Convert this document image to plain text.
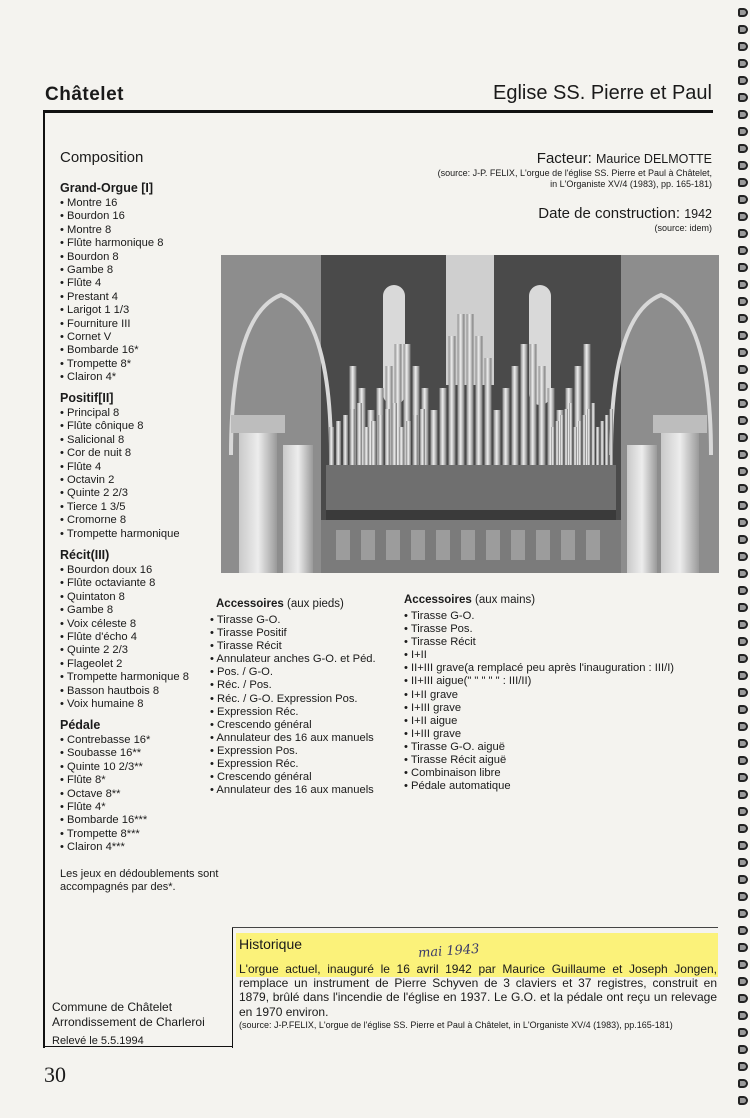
Châtelet	Eglise SS. Pierre et Paul
Composition
Grand-Orgue [I]
• Montre 16
• Bourdon 16
• Montre 8
• Flûte harmonique 8
• Bourdon 8
• Gambe 8
• Flûte 4
• Prestant 4
• Larigot 1 1/3
• Fourniture III
• Cornet V
• Bombarde 16*
• Trompette 8*
• Clairon 4*
Positif[II]
• Principal 8
• Flûte cônique 8
• Salicional 8
• Cor de nuit 8
• Flûte 4
• Octavin 2
• Quinte 2 2/3
• Tierce 1 3/5
• Cromorne 8
• Trompette harmonique
Récit(III)
• Bourdon doux 16
• Flûte octaviante 8
• Quintaton 8
• Gambe 8
• Voix céleste 8
• Flûte d'écho 4
• Quinte 2 2/3
• Flageolet 2
• Trompette harmonique 8
• Basson hautbois 8
• Voix humaine 8
Pédale
• Contrebasse 16*
• Soubasse 16**
• Quinte 10 2/3**
• Flûte 8*
• Octave 8**
• Flûte 4*
• Bombarde 16***
• Trompette 8***
• Clairon 4***
Les jeux en dédoublements sont accompagnés par des*.
Facteur: Maurice DELMOTTE
(source: J-P. FELIX, L'orgue de l'église SS. Pierre et Paul à Châtelet,
in L'Organiste XV/4 (1983), pp. 165-181)
Date de construction: 1942
(source: idem)
Accessoires (aux pieds)
• Tirasse G-O.
• Tirasse Positif
• Tirasse Récit
• Annulateur anches G-O. et Péd.
• Pos. / G-O.
• Réc. / Pos.
• Réc. / G-O. Expression Pos.
• Expression Réc.
• Crescendo général
• Annulateur des 16 aux manuels
• Expression Pos.
• Expression Réc.
• Crescendo général
• Annulateur des 16 aux manuels
Accessoires (aux mains)
• Tirasse G-O.
• Tirasse Pos.
• Tirasse Récit
• I+II
• II+III grave(a remplacé peu après l'inauguration : III/I)
• II+III aigue(" " " " " : III/II)
• I+II grave
• I+III grave
• I+II aigue
• I+III grave
• Tirasse G-O. aiguë
• Tirasse Récit aiguë
• Combinaison libre
• Pédale automatique
Historique	mai 1943
L'orgue actuel, inauguré le 16 avril 1942 par Maurice Guillaume et Joseph Jongen, remplace un instrument de Pierre Schyven de 3 claviers et 37 registres, construit en 1879, brûlé dans l'incendie de l'église en 1937. Le G.O. et la pédale ont reçu un relevage en 1970 environ.
(source: J-P.FELIX, L'orgue de l'église SS. Pierre et Paul à Châtelet, in L'Organiste XV/4 (1983), pp.165-181)
Commune de Châtelet
Arrondissement de Charleroi
Relevé le 5.5.1994
30
